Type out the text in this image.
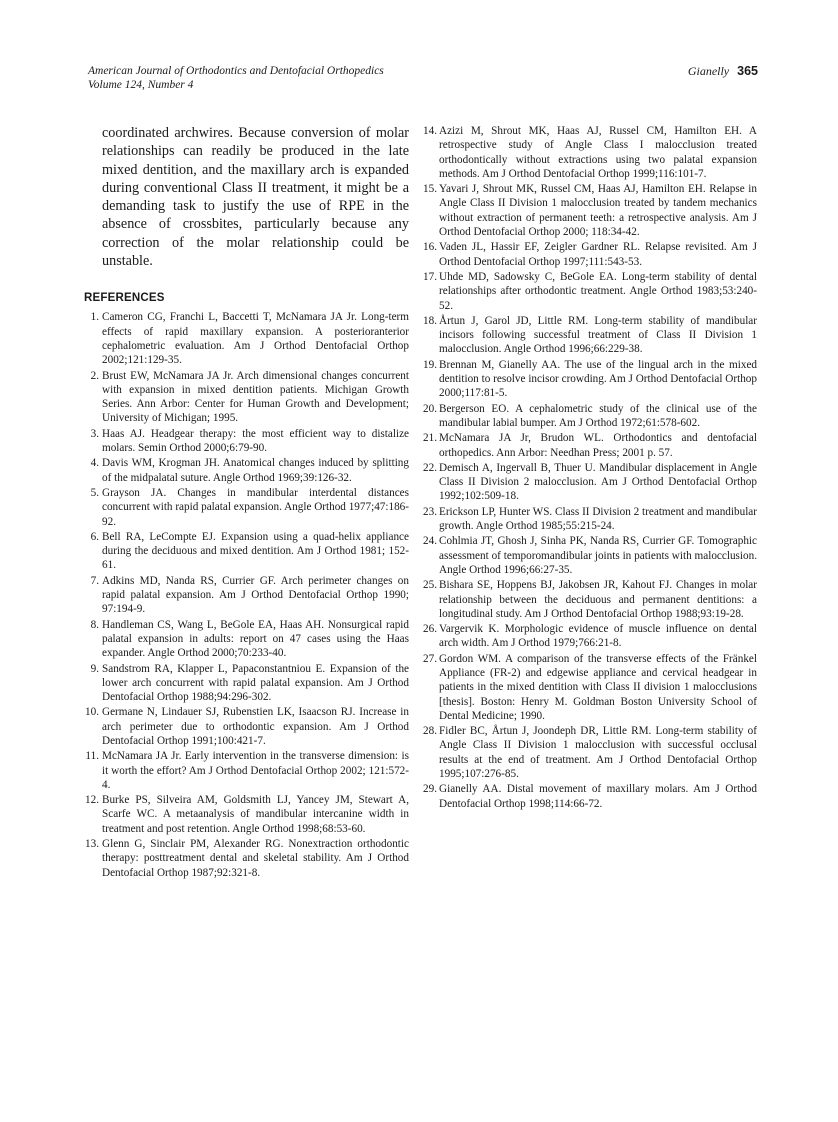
American Journal of Orthodontics and Dentofacial Orthopedics
Volume 124, Number 4
Gianelly 365

coordinated archwires. Because conversion of molar relationships can readily be produced in the late mixed dentition, and the maxillary arch is expanded during conventional Class II treatment, it might be a demanding task to justify the use of RPE in the absence of crossbites, particularly because any correction of the molar relationship could be unstable.

REFERENCES
1. Cameron CG, Franchi L, Baccetti T, McNamara JA Jr. Long-term effects of rapid maxillary expansion. A posterioranterior cephalometric evaluation. Am J Orthod Dentofacial Orthop 2002;121:129-35.
2. Brust EW, McNamara JA Jr. Arch dimensional changes concurrent with expansion in mixed dentition patients. Michigan Growth Series. Ann Arbor: Center for Human Growth and Development; University of Michigan; 1995.
3. Haas AJ. Headgear therapy: the most efficient way to distalize molars. Semin Orthod 2000;6:79-90.
4. Davis WM, Krogman JH. Anatomical changes induced by splitting of the midpalatal suture. Angle Orthod 1969;39:126-32.
5. Grayson JA. Changes in mandibular interdental distances concurrent with rapid palatal expansion. Angle Orthod 1977;47:186-92.
6. Bell RA, LeCompte EJ. Expansion using a quad-helix appliance during the deciduous and mixed dentition. Am J Orthod 1981; 152-61.
7. Adkins MD, Nanda RS, Currier GF. Arch perimeter changes on rapid palatal expansion. Am J Orthod Dentofacial Orthop 1990; 97:194-9.
8. Handleman CS, Wang L, BeGole EA, Haas AH. Nonsurgical rapid palatal expansion in adults: report on 47 cases using the Haas expander. Angle Orthod 2000;70:233-40.
9. Sandstrom RA, Klapper L, Papaconstantniou E. Expansion of the lower arch concurrent with rapid palatal expansion. Am J Orthod Dentofacial Orthop 1988;94:296-302.
10. Germane N, Lindauer SJ, Rubenstien LK, Isaacson RJ. Increase in arch perimeter due to orthodontic expansion. Am J Orthod Dentofacial Orthop 1991;100:421-7.
11. McNamara JA Jr. Early intervention in the transverse dimension: is it worth the effort? Am J Orthod Dentofacial Orthop 2002; 121:572-4.
12. Burke PS, Silveira AM, Goldsmith LJ, Yancey JM, Stewart A, Scarfe WC. A metaanalysis of mandibular intercanine width in treatment and post retention. Angle Orthod 1998;68:53-60.
13. Glenn G, Sinclair PM, Alexander RG. Nonextraction orthodontic therapy: posttreatment dental and skeletal stability. Am J Orthod Dentofacial Orthop 1987;92:321-8.
14. Azizi M, Shrout MK, Haas AJ, Russel CM, Hamilton EH. A retrospective study of Angle Class I malocclusion treated orthodontically without extractions using two palatal expansion methods. Am J Orthod Dentofacial Orthop 1999;116:101-7.
15. Yavari J, Shrout MK, Russel CM, Haas AJ, Hamilton EH. Relapse in Angle Class II Division 1 malocclusion treated by tandem mechanics without extraction of permanent teeth: a retrospective analysis. Am J Orthod Dentofacial Orthop 2000; 118:34-42.
16. Vaden JL, Hassir EF, Zeigler Gardner RL. Relapse revisited. Am J Orthod Dentofacial Orthop 1997;111:543-53.
17. Uhde MD, Sadowsky C, BeGole EA. Long-term stability of dental relationships after orthodontic treatment. Angle Orthod 1983;53:240-52.
18. Årtun J, Garol JD, Little RM. Long-term stability of mandibular incisors following successful treatment of Class II Division 1 malocclusion. Angle Orthod 1996;66:229-38.
19. Brennan M, Gianelly AA. The use of the lingual arch in the mixed dentition to resolve incisor crowding. Am J Orthod Dentofacial Orthop 2000;117:81-5.
20. Bergerson EO. A cephalometric study of the clinical use of the mandibular labial bumper. Am J Orthod 1972;61:578-602.
21. McNamara JA Jr, Brudon WL. Orthodontics and dentofacial orthopedics. Ann Arbor: Needhan Press; 2001 p. 57.
22. Demisch A, Ingervall B, Thuer U. Mandibular displacement in Angle Class II Division 2 malocclusion. Am J Orthod Dentofacial Orthop 1992;102:509-18.
23. Erickson LP, Hunter WS. Class II Division 2 treatment and mandibular growth. Angle Orthod 1985;55:215-24.
24. Cohlmia JT, Ghosh J, Sinha PK, Nanda RS, Currier GF. Tomographic assessment of temporomandibular joints in patients with malocclusion. Angle Orthod 1996;66:27-35.
25. Bishara SE, Hoppens BJ, Jakobsen JR, Kahout FJ. Changes in molar relationship between the deciduous and permanent dentitions: a longitudinal study. Am J Orthod Dentofacial Orthop 1988;93:19-28.
26. Vargervik K. Morphologic evidence of muscle influence on dental arch width. Am J Orthod 1979;766:21-8.
27. Gordon WM. A comparison of the transverse effects of the Fränkel Appliance (FR-2) and edgewise appliance and cervical headgear in patients in the mixed dentition with Class II division 1 malocclusions [thesis]. Boston: Henry M. Goldman Boston University School of Dental Medicine; 1990.
28. Fidler BC, Årtun J, Joondeph DR, Little RM. Long-term stability of Angle Class II Division 1 malocclusion with successful occlusal results at the end of treatment. Am J Orthod Dentofacial Orthop 1995;107:276-85.
29. Gianelly AA. Distal movement of maxillary molars. Am J Orthod Dentofacial Orthop 1998;114:66-72.
